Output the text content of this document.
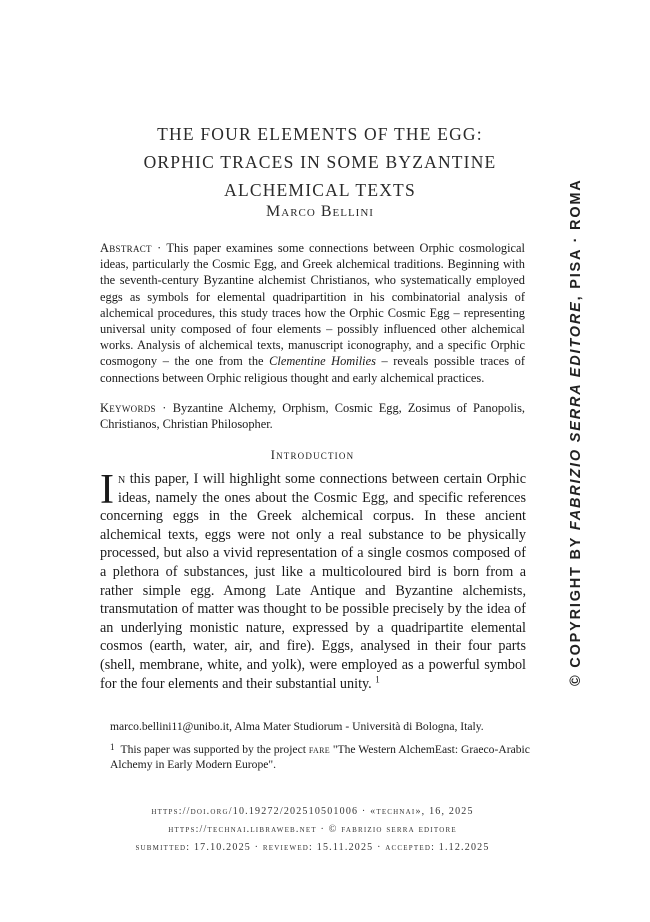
THE FOUR ELEMENTS OF THE EGG:
ORPHIC TRACES IN SOME BYZANTINE
ALCHEMICAL TEXTS
Marco Bellini
Abstract · This paper examines some connections between Orphic cosmological ideas, particularly the Cosmic Egg, and Greek alchemical traditions. Beginning with the seventh-century Byzantine alchemist Christianos, who systematically employed eggs as symbols for elemental quadripartition in his combinatorial analysis of alchemical procedures, this study traces how the Orphic Cosmic Egg – representing universal unity composed of four elements – possibly influenced other alchemical works. Analysis of alchemical texts, manuscript iconography, and a specific Orphic cosmogony – the one from the Clementine Homilies – reveals possible traces of connections between Orphic religious thought and early alchemical practices.
Keywords · Byzantine Alchemy, Orphism, Cosmic Egg, Zosimus of Panopolis, Christianos, Christian Philosopher.
Introduction
In this paper, I will highlight some connections between certain Orphic ideas, namely the ones about the Cosmic Egg, and specific references concerning eggs in the Greek alchemical corpus. In these ancient alchemical texts, eggs were not only a real substance to be physically processed, but also a vivid representation of a single cosmos composed of a plethora of substances, just like a multicoloured bird is born from a rather simple egg. Among Late Antique and Byzantine alchemists, transmutation of matter was thought to be possible precisely by the idea of an underlying monistic nature, expressed by a quadripartite elemental cosmos (earth, water, air, and fire). Eggs, analysed in their four parts (shell, membrane, white, and yolk), were employed as a powerful symbol for the four elements and their substantial unity. $^1$
marco.bellini11@unibo.it, Alma Mater Studiorum - Università di Bologna, Italy.
$^1$ This paper was supported by the project fare "The Western AlchemEast: Graeco-Arabic Alchemy in Early Modern Europe".
https://doi.org/10.19272/202510501006 · «technai», 16, 2025
https://technai.libraweb.net · © fabrizio serra editore
submitted: 17.10.2025 · reviewed: 15.11.2025 · accepted: 1.12.2025
© COPYRIGHT BY FABRIZIO SERRA EDITORE, PISA · ROMA
